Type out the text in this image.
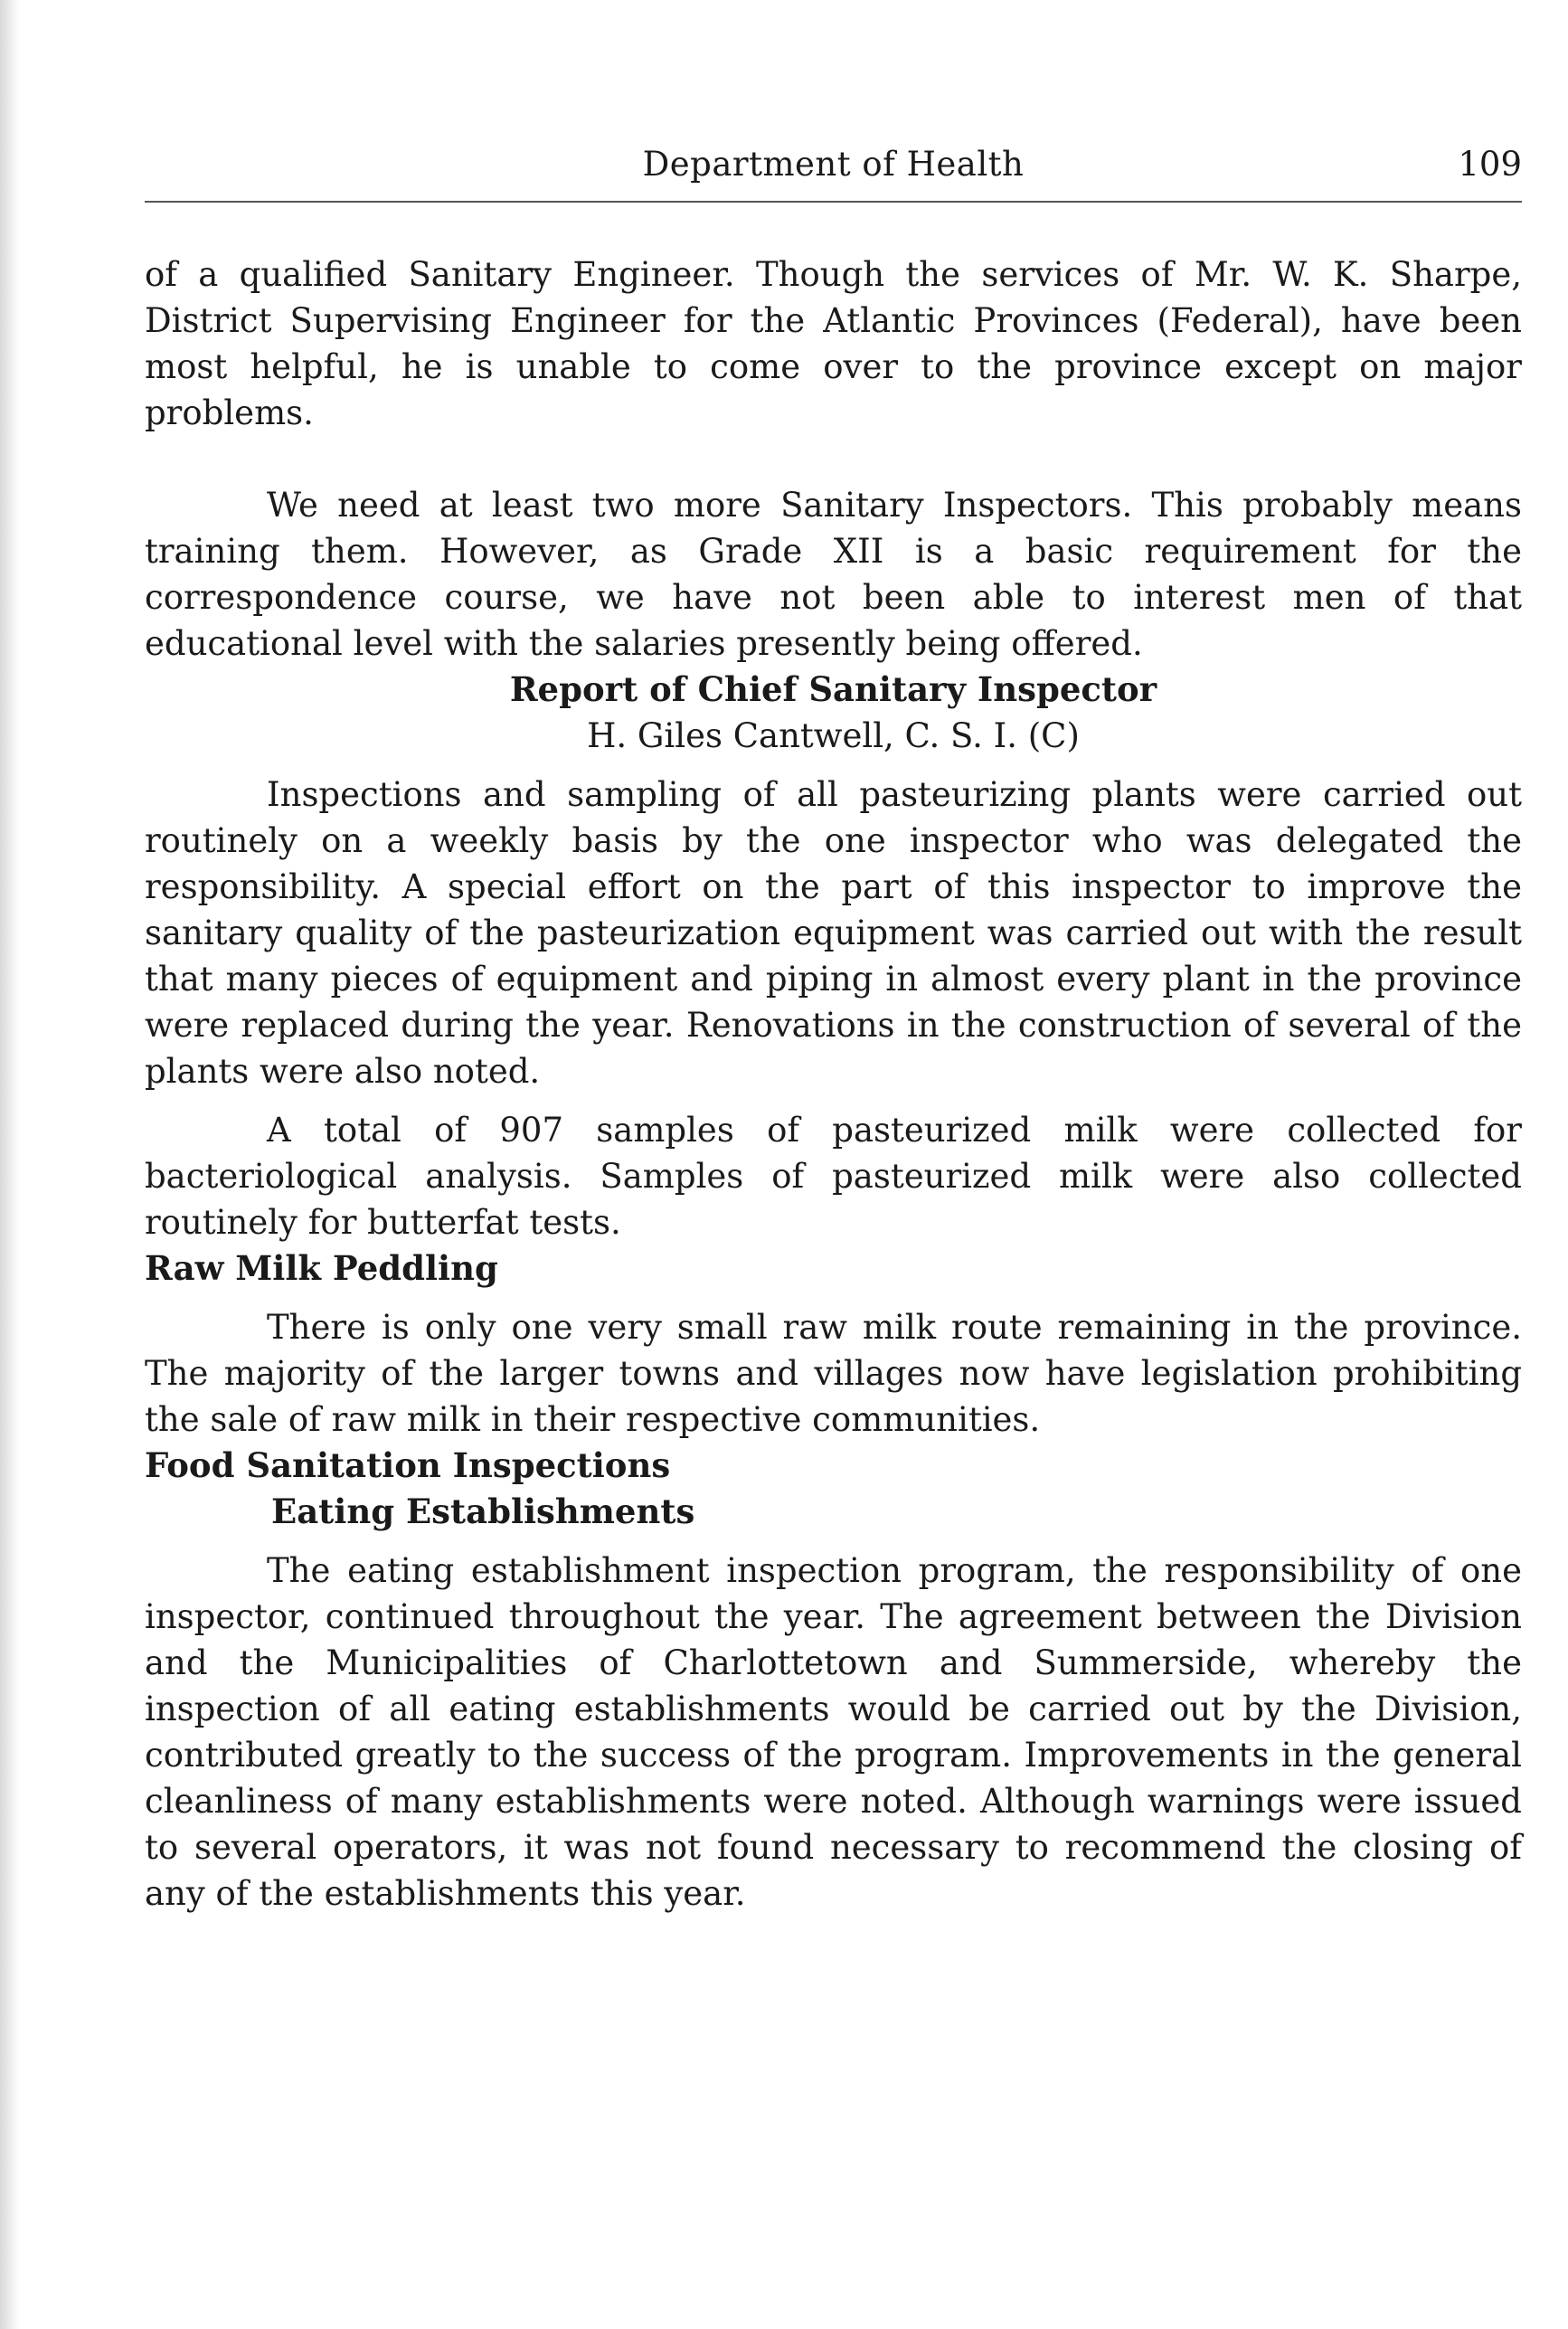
Department of Health	109

of a qualified Sanitary Engineer. Though the services of Mr. W. K. Sharpe, District Supervising Engineer for the Atlantic Provinces (Federal), have been most helpful, he is unable to come over to the province except on major problems.

We need at least two more Sanitary Inspectors. This probably means training them. However, as Grade XII is a basic requirement for the correspondence course, we have not been able to interest men of that educational level with the salaries presently being offered.

Report of Chief Sanitary Inspector
H. Giles Cantwell, C. S. I. (C)

Inspections and sampling of all pasteurizing plants were carried out routinely on a weekly basis by the one inspector who was delegated the responsibility. A special effort on the part of this inspector to improve the sanitary quality of the pasteurization equipment was carried out with the result that many pieces of equipment and piping in almost every plant in the province were replaced during the year. Renovations in the construction of several of the plants were also noted.

A total of 907 samples of pasteurized milk were collected for bacteriological analysis. Samples of pasteurized milk were also collected routinely for butterfat tests.

Raw Milk Peddling

There is only one very small raw milk route remaining in the province. The majority of the larger towns and villages now have legislation prohibiting the sale of raw milk in their respective communities.

Food Sanitation Inspections
Eating Establishments

The eating establishment inspection program, the responsibility of one inspector, continued throughout the year. The agreement between the Division and the Municipalities of Charlottetown and Summerside, whereby the inspection of all eating establishments would be carried out by the Division, contributed greatly to the success of the program. Improvements in the general cleanliness of many establishments were noted. Although warnings were issued to several operators, it was not found necessary to recommend the closing of any of the establishments this year.
